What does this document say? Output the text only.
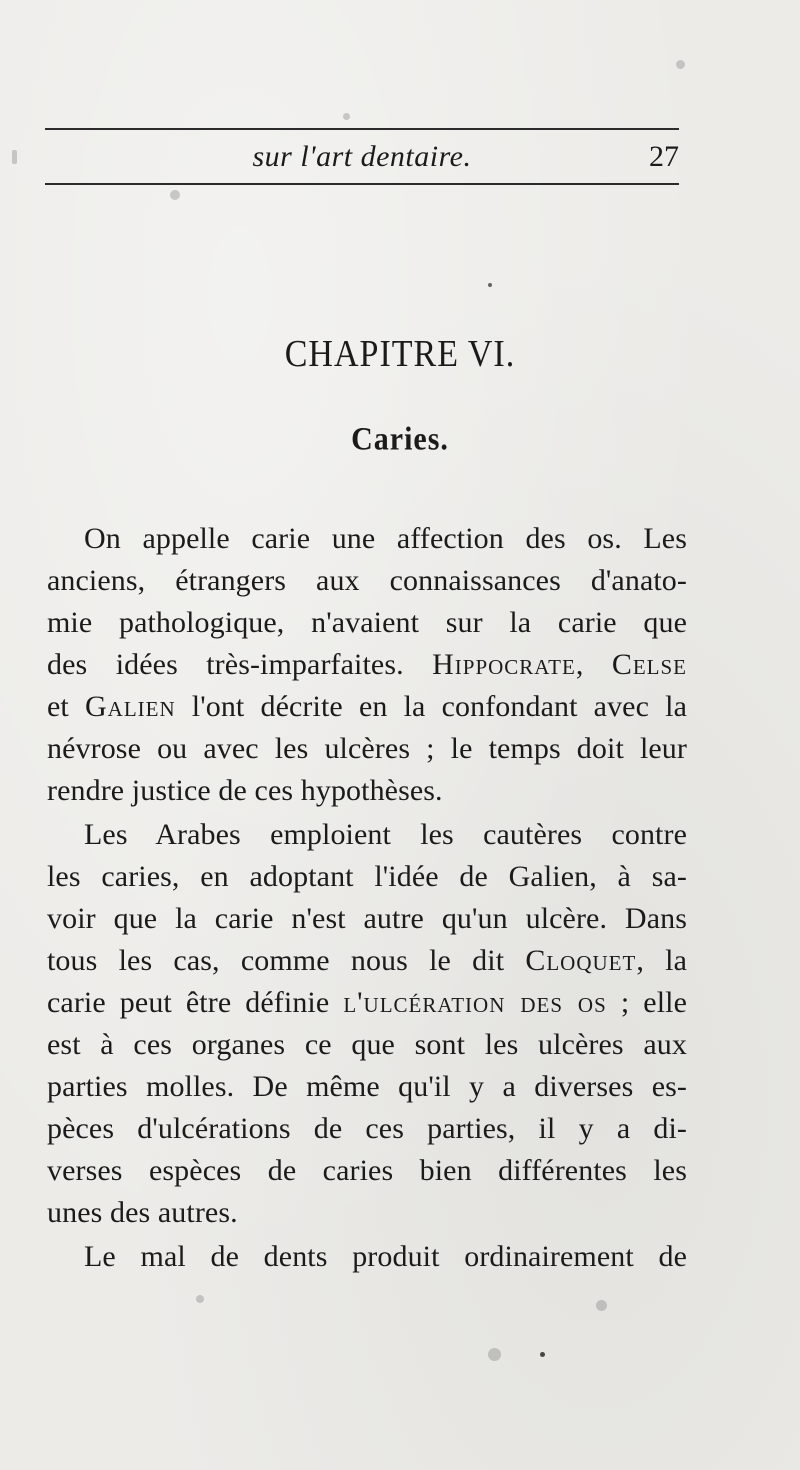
sur l'art dentaire.	27
CHAPITRE VI.
Caries.
On appelle carie une affection des os. Les
anciens, étrangers aux connaissances d'anato-
mie pathologique, n'avaient sur la carie que
des idées très-imparfaites. Hippocrate, Celse
et Galien l'ont décrite en la confondant avec la
névrose ou avec les ulcères ; le temps doit leur
rendre justice de ces hypothèses.
Les Arabes emploient les cautères contre
les caries, en adoptant l'idée de Galien, à sa-
voir que la carie n'est autre qu'un ulcère. Dans
tous les cas, comme nous le dit Cloquet, la
carie peut être définie l'ulcération des os ; elle
est à ces organes ce que sont les ulcères aux
parties molles. De même qu'il y a diverses es-
pèces d'ulcérations de ces parties, il y a di-
verses espèces de caries bien différentes les
unes des autres.
Le mal de dents produit ordinairement de
